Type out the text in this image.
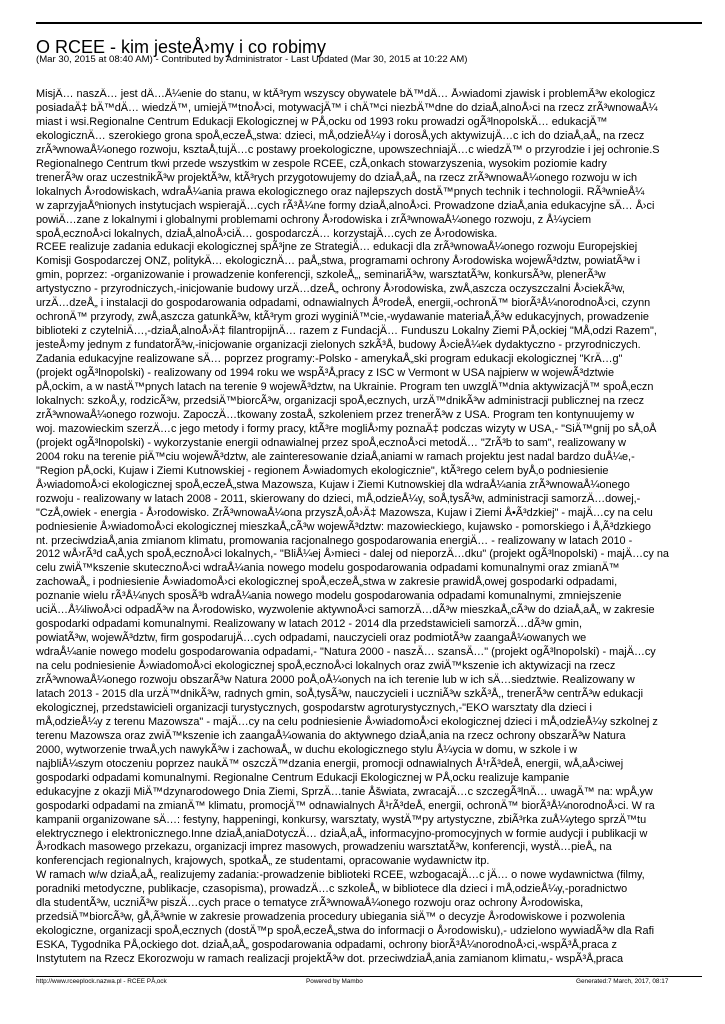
O RCEE - kim jesteÅ›my i co robimy
(Mar 30, 2015 at 08:40 AM) - Contributed by Administrator - Last Updated (Mar 30, 2015 at 10:22 AM)
MisjÄ… naszÄ… jest dÄ…Å¼enie do stanu, w ktÃ³rym wszyscy obywatele bÄ™dÄ… Å›wiadomi zjawisk i problemÃ³w ekologicz
posiadaÄ‡ bÄ™dÄ… wiedzÄ™, umiejÄ™tnoÅ›ci, motywacjÄ™ i chÄ™ci niezbÄ™dne do dziaÅ‚alnoÅ›ci na rzecz zrÃ³wnowaÅ¼
miast i wsi.Regionalne Centrum Edukacji Ekologicznej w PÅ‚ocku od 1993 roku prowadzi ogÃ³lnopolskÄ… edukacjÄ™
ekologicznÄ… szerokiego grona spoÅ‚eczeÅ„stwa: dzieci, mÅ‚odzieÅ¼y i dorosÅ‚ych aktywizujÄ…c ich do dziaÅ‚aÅ„ na rzecz
zrÃ³wnowaÅ¼onego rozwoju, ksztaÅ‚tujÄ…c postawy proekologiczne, upowszechniajÄ…c wiedzÄ™ o przyrodzie i jej ochronie.S
Regionalnego Centrum tkwi przede wszystkim w zespole RCEE, czÅ‚onkach stowarzyszenia, wysokim poziomie kadry
trenerÃ³w oraz uczestnikÃ³w projektÃ³w, ktÃ³rych przygotowujemy do dziaÅ‚aÅ„ na rzecz zrÃ³wnowaÅ¼onego rozwoju w ich
lokalnych Å›rodowiskach, wdraÅ¼ania prawa ekologicznego oraz najlepszych dostÄ™pnych technik i technologii. RÃ³wnieÅ¼
w zaprzyjaÅºnionych instytucjach wspierajÄ…cych rÃ³Å¼ne formy dziaÅ‚alnoÅ›ci. Prowadzone dziaÅ‚ania edukacyjne sÄ… Å›ci
powiÄ…zane z lokalnymi i globalnymi problemami ochrony Å›rodowiska i zrÃ³wnowaÅ¼onego rozwoju, z Å¼yciem
spoÅ‚ecznoÅ›ci lokalnych, dziaÅ‚alnoÅ›ciÄ… gospodarczÄ… korzystajÄ…cych ze Å›rodowiska.
RCEE realizuje zadania edukacji ekologicznej spÃ³jne ze StrategiÄ… edukacji dla zrÃ³wnowaÅ¼onego rozwoju Europejskiej
Komisji Gospodarczej ONZ, politykÄ… ekologicznÄ… paÅ„stwa, programami ochrony Å›rodowiska wojewÃ³dztw, powiatÃ³w i
gmin, poprzez: -organizowanie i prowadzenie konferencji, szkoleÅ„, seminariÃ³w, warsztatÃ³w, konkursÃ³w, plenerÃ³w
artystyczno - przyrodniczych,-inicjowanie budowy urzÄ…dzeÅ„ ochrony Å›rodowiska, zwÅ‚aszcza oczyszczalni Å›ciekÃ³w,
urzÄ…dzeÅ„ i instalacji do gospodarowania odpadami, odnawialnych ÅºrodeÅ‚ energii,-ochronÄ™ biorÃ³Å¼norodnoÅ›ci, czynn
ochronÄ™ przyrody, zwÅ‚aszcza gatunkÃ³w, ktÃ³rym grozi wyginiÄ™cie,-wydawanie materiaÅ‚Ã³w edukacyjnych, prowadzenie
biblioteki z czytelniÄ…,-dziaÅ‚alnoÅ›Ä‡ filantropijnÄ… razem z FundacjÄ… Funduszu Lokalny Ziemi PÅ‚ockiej "MÅ‚odzi Razem",
jesteÅ›my jednym z fundatorÃ³w,-inicjowanie organizacji zielonych szkÃ³Å‚ budowy Å›cieÅ¼ek dydaktyczno - przyrodniczych.
Zadania edukacyjne realizowane sÄ… poprzez programy:-Polsko - amerykaÅ„ski program edukacji ekologicznej "KrÄ…g"
(projekt ogÃ³lnopolski) - realizowany od 1994 roku we wspÃ³Å‚pracy z ISC w Vermont w USA najpierw w wojewÃ³dztwie
pÅ‚ockim, a w nastÄ™pnych latach na terenie 9 wojewÃ³dztw, na Ukrainie. Program ten uwzglÄ™dnia aktywizacjÄ™ spoÅ‚eczn
lokalnych: szkoÅ‚y, rodzicÃ³w, przedsiÄ™biorcÃ³w, organizacji spoÅ‚ecznych, urzÄ™dnikÃ³w administracji publicznej na rzecz
zrÃ³wnowaÅ¼onego rozwoju. ZapoczÄ…tkowany zostaÅ‚ szkoleniem przez trenerÃ³w z USA. Program ten kontynuujemy w
woj. mazowieckim szerzÄ…c jego metody i formy pracy, ktÃ³re mogliÅ›my poznaÄ‡ podczas wizyty w USA,- "SiÄ™gnij po sÅ‚oÅ
(projekt ogÃ³lnopolski) - wykorzystanie energii odnawialnej przez spoÅ‚ecznoÅ›ci metodÄ… "ZrÃ³b to sam", realizowany w
2004 roku na terenie piÄ™ciu wojewÃ³dztw, ale zainteresowanie dziaÅ‚aniami w ramach projektu jest nadal bardzo duÅ¼e,-
"Region pÅ‚ocki, Kujaw i Ziemi Kutnowskiej - regionem Å›wiadomych ekologicznie", ktÃ³rego celem byÅ‚o podniesienie
Å›wiadomoÅ›ci ekologicznej spoÅ‚eczeÅ„stwa Mazowsza, Kujaw i Ziemi Kutnowskiej dla wdraÅ¼ania zrÃ³wnowaÅ¼onego
rozwoju - realizowany w latach 2008 - 2011, skierowany do dzieci, mÅ‚odzieÅ¼y, soÅ‚tysÃ³w, administracji samorzÄ…dowej,-
"CzÅ‚owiek - energia - Å›rodowisko. ZrÃ³wnowaÅ¼ona przyszÅ‚oÅ›Ä‡ Mazowsza, Kujaw i Ziemi Å•Ã³dzkiej" - majÄ…cy na celu
podniesienie Å›wiadomoÅ›ci ekologicznej mieszkaÅ„cÃ³w wojewÃ³dztw: mazowieckiego, kujawsko - pomorskiego i Å‚Ã³dzkiego
nt. przeciwdziaÅ‚ania zmianom klimatu, promowania racjonalnego gospodarowania energiÄ… - realizowany w latach 2010 -
2012 wÅ›rÃ³d caÅ‚ych spoÅ‚ecznoÅ›ci lokalnych,- "BliÅ¼ej Å›mieci - dalej od nieporzÄ…dku" (projekt ogÃ³lnopolski) - majÄ…cy na
celu zwiÄ™kszenie skutecznoÅ›ci wdraÅ¼ania nowego modelu gospodarowania odpadami komunalnymi oraz zmianÄ™
zachowaÅ„ i podniesienie Å›wiadomoÅ›ci ekologicznej spoÅ‚eczeÅ„stwa w zakresie prawidÅ‚owej gospodarki odpadami,
poznanie wielu rÃ³Å¼nych sposÃ³b wdraÅ¼ania nowego modelu gospodarowania odpadami komunalnymi, zmniejszenie
uciÄ…Å¼liwoÅ›ci odpadÃ³w na Å›rodowisko, wyzwolenie aktywnoÅ›ci samorzÄ…dÃ³w mieszkaÅ„cÃ³w do dziaÅ‚aÅ„ w zakresie
gospodarki odpadami komunalnymi. Realizowany w latach 2012 - 2014 dla przedstawicieli samorzÄ…dÃ³w gmin,
powiatÃ³w, wojewÃ³dztw, firm gospodarujÄ…cych odpadami, nauczycieli oraz podmiotÃ³w zaangaÅ¼owanych we
wdraÅ¼anie nowego modelu gospodarowania odpadami,- "Natura 2000 - naszÄ… szansÄ…" (projekt ogÃ³lnopolski) - majÄ…cy
na celu podniesienie Å›wiadomoÅ›ci ekologicznej spoÅ‚ecznoÅ›ci lokalnych oraz zwiÄ™kszenie ich aktywizacji na rzecz
zrÃ³wnowaÅ¼onego rozwoju obszarÃ³w Natura 2000 poÅ‚oÅ¼onych na ich terenie lub w ich sÄ…siedztwie. Realizowany w
latach 2013 - 2015 dla urzÄ™dnikÃ³w, radnych gmin, soÅ‚tysÃ³w, nauczycieli i uczniÃ³w szkÃ³Å‚, trenerÃ³w centrÃ³w edukacji
ekologicznej, przedstawicieli organizacji turystycznych, gospodarstw agroturystycznych,-"EKO warsztaty dla dzieci i
mÅ‚odzieÅ¼y z terenu Mazowsza" - majÄ…cy na celu podniesienie Å›wiadomoÅ›ci ekologicznej dzieci i mÅ‚odzieÅ¼y szkolnej z
terenu Mazowsza oraz zwiÄ™kszenie ich zaangaÅ¼owania do aktywnego dziaÅ‚ania na rzecz ochrony obszarÃ³w Natura
2000, wytworzenie trwaÅ‚ych nawykÃ³w i zachowaÅ„ w duchu ekologicznego stylu Å¼ycia w domu, w szkole i w
najbliÅ¼szym otoczeniu poprzez naukÄ™ oszczÄ™dzania energii, promocji odnawialnych Å¹rÃ³deÅ‚ energii, wÅ‚aÅ›ciwej
gospodarki odpadami komunalnymi. Regionalne Centrum Edukacji Ekologicznej w PÅ‚ocku realizuje kampanie
edukacyjne z okazji MiÄ™dzynarodowego Dnia Ziemi, SprzÄ…tanie Åšwiata, zwracajÄ…c szczegÃ³lnÄ… uwagÄ™ na: wpÅ‚yw
gospodarki odpadami na zmianÄ™ klimatu, promocjÄ™ odnawialnych Å¹rÃ³deÅ‚ energii, ochronÄ™ biorÃ³Å¼norodnoÅ›ci. W ra
kampanii organizowane sÄ…: festyny, happeningi, konkursy, warsztaty, wystÄ™py artystyczne, zbiÃ³rka zuÅ¼ytego sprzÄ™tu
elektrycznego i elektronicznego.Inne dziaÅ‚aniaDotyczÄ… dziaÅ‚aÅ„ informacyjno-promocyjnych w formie audycji i publikacji w
Å›rodkach masowego przekazu, organizacji imprez masowych, prowadzeniu warsztatÃ³w, konferencji, wystÄ…pieÅ„ na
konferencjach regionalnych, krajowych, spotkaÅ„ ze studentami, opracowanie wydawnictw itp.
W ramach w/w dziaÅ‚aÅ„ realizujemy zadania:-prowadzenie biblioteki RCEE, wzbogacajÄ…c jÄ… o nowe wydawnictwa (filmy,
poradniki metodyczne, publikacje, czasopisma), prowadzÄ…c szkoleÅ„ w bibliotece dla dzieci i mÅ‚odzieÅ¼y,-poradnictwo
dla studentÃ³w, uczniÃ³w piszÄ…cych prace o tematyce zrÃ³wnowaÅ¼onego rozwoju oraz ochrony Å›rodowiska,
przedsiÄ™biorcÃ³w, gÅ‚Ã³wnie w zakresie prowadzenia procedury ubiegania siÄ™ o decyzje Å›rodowiskowe i pozwolenia
ekologiczne, organizacji spoÅ‚ecznych (dostÄ™p spoÅ‚eczeÅ„stwa do informacji o Å›rodowisku),- udzielono wywiadÃ³w dla Rafi
ESKA, Tygodnika PÅ‚ockiego dot. dziaÅ‚aÅ„ gospodarowania odpadami, ochrony biorÃ³Å¼norodnoÅ›ci,-wspÃ³Å‚praca z
Instytutem na Rzecz Ekorozwoju w ramach realizacji projektÃ³w dot. przeciwdziaÅ‚ania zamianom klimatu,- wspÃ³Å‚praca
http://www.rceeplock.nazwa.pl - RCEE PÅ‚ock	Powered by Mambo	Generated:7 March, 2017, 08:17
